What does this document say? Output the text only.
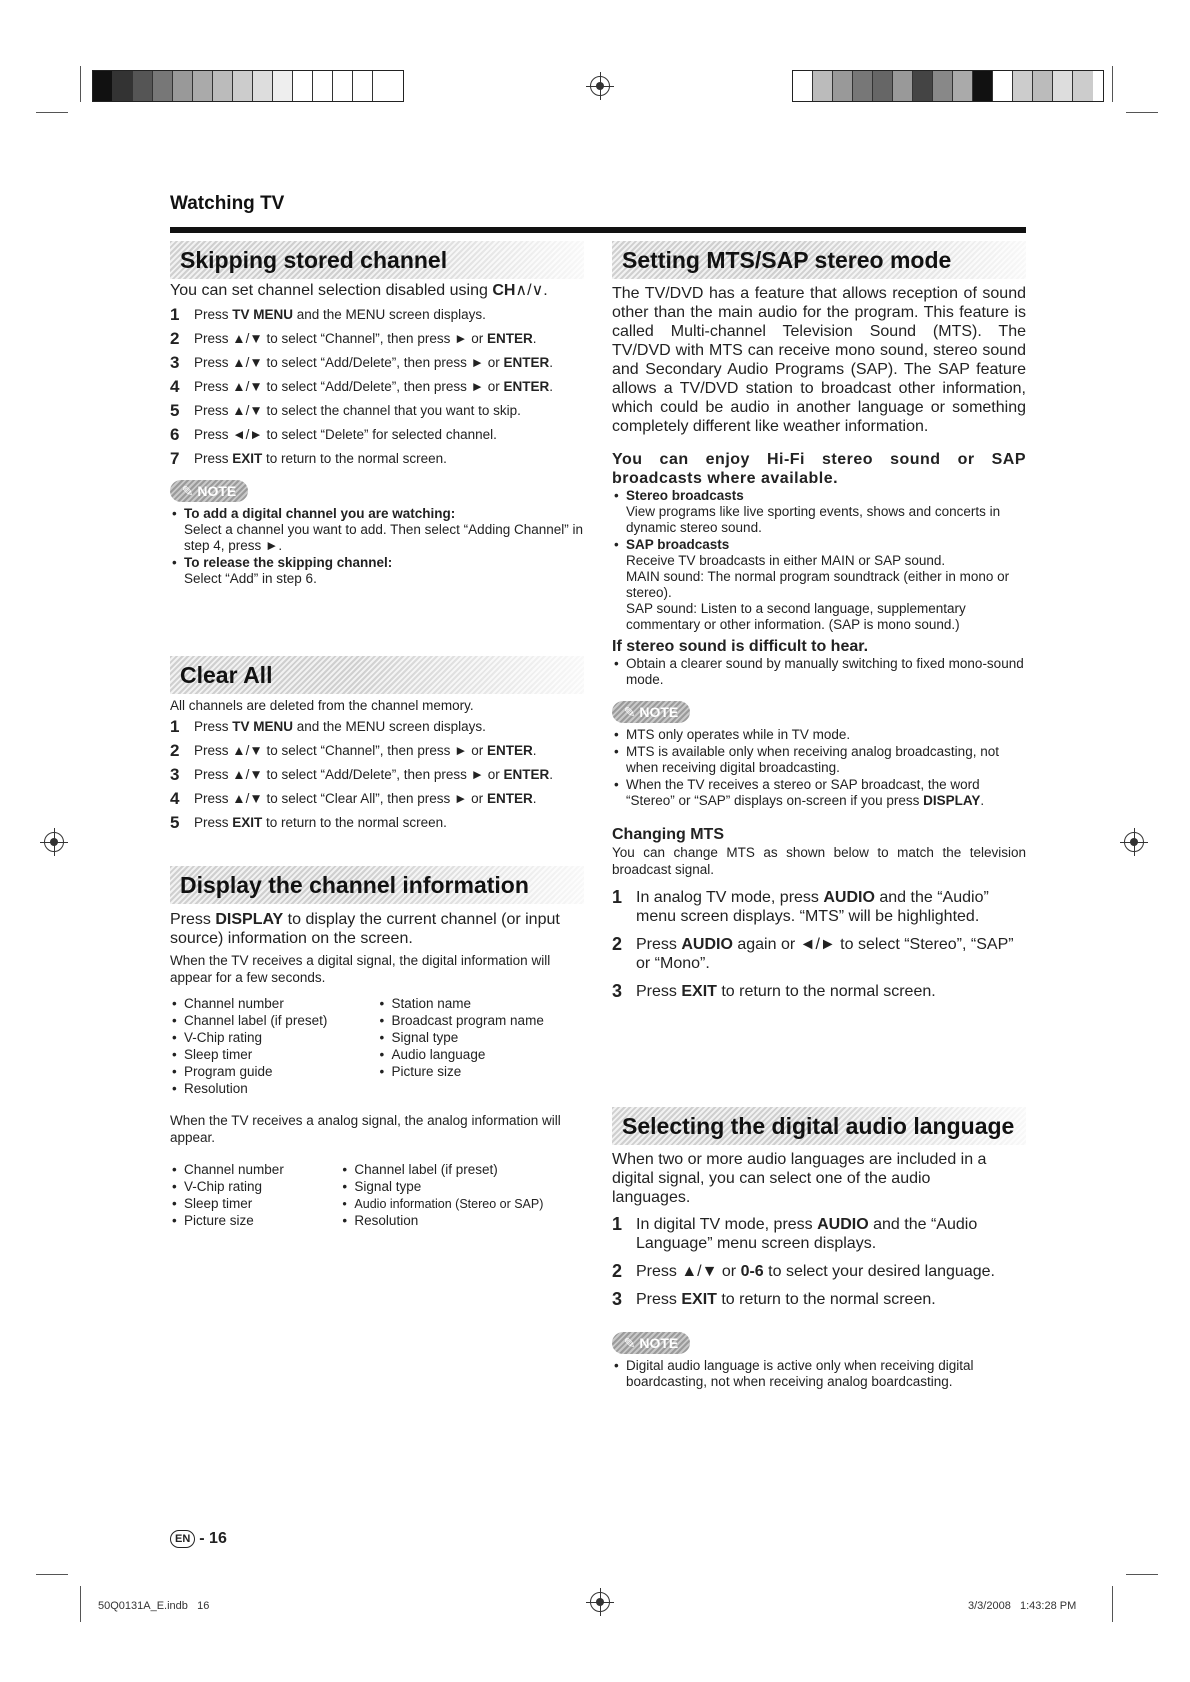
Watching TV
Skipping stored channel

You can set channel selection disabled using CH∧/∨.

1	Press TV MENU and the MENU screen displays.
2	Press ▲/▼ to select “Channel”, then press ► or ENTER.
3	Press ▲/▼ to select “Add/Delete”, then press ► or ENTER.
4	Press ▲/▼ to select “Add/Delete”, then press ► or ENTER.
5	Press ▲/▼ to select the channel that you want to skip.
6	Press ◄/► to select “Delete” for selected channel.
7	Press EXIT to return to the normal screen.
✎ NOTE
• To add a digital channel you are watching:
Select a channel you want to add. Then select “Adding Channel” in step 4, press ►.
• To release the skipping channel:
Select “Add” in step 6.
Clear All

All channels are deleted from the channel memory.

1	Press TV MENU and the MENU screen displays.
2	Press ▲/▼ to select “Channel”, then press ► or ENTER.
3	Press ▲/▼ to select “Add/Delete”, then press ► or ENTER.
4	Press ▲/▼ to select “Clear All”, then press ► or ENTER.
5	Press EXIT to return to the normal screen.
Display the channel information

Press DISPLAY to display the current channel (or input source) information on the screen.

When the TV receives a digital signal, the digital information will appear for a few seconds.

• Channel number
• Channel label (if preset)
• V-Chip rating
• Sleep timer
• Program guide
• Resolution
• Station name
• Broadcast program name
• Signal type
• Audio language
• Picture size

When the TV receives a analog signal, the analog information will appear.

• Channel number
• V-Chip rating
• Sleep timer
• Picture size
• Channel label (if preset)
• Signal type
• Audio information (Stereo or SAP)
• Resolution
Setting MTS/SAP stereo mode

The TV/DVD has a feature that allows reception of sound other than the main audio for the program. This feature is called Multi-channel Television Sound (MTS). The TV/DVD with MTS can receive mono sound, stereo sound and Secondary Audio Programs (SAP). The SAP feature allows a TV/DVD station to broadcast other information, which could be audio in another language or something completely different like weather information.

You can enjoy Hi-Fi stereo sound or SAP broadcasts where available.
• Stereo broadcasts
View programs like live sporting events, shows and concerts in dynamic stereo sound.
• SAP broadcasts
Receive TV broadcasts in either MAIN or SAP sound.
MAIN sound: The normal program soundtrack (either in mono or stereo).
SAP sound: Listen to a second language, supplementary commentary or other information. (SAP is mono sound.)
If stereo sound is difficult to hear.
• Obtain a clearer sound by manually switching to fixed mono-sound mode.
✎ NOTE
• MTS only operates while in TV mode.
• MTS is available only when receiving analog broadcasting, not when receiving digital broadcasting.
• When the TV receives a stereo or SAP broadcast, the word “Stereo” or “SAP” displays on-screen if you press DISPLAY.
Changing MTS

You can change MTS as shown below to match the television broadcast signal.

1 In analog TV mode, press AUDIO and the “Audio” menu screen displays. “MTS” will be highlighted.
2 Press AUDIO again or ◄/► to select “Stereo”, “SAP” or “Mono”.
3 Press EXIT to return to the normal screen.
Selecting the digital audio language

When two or more audio languages are included in a digital signal, you can select one of the audio languages.

1 In digital TV mode, press AUDIO and the “Audio Language” menu screen displays.
2 Press ▲/▼ or 0-6 to select your desired language.
3 Press EXIT to return to the normal screen.
✎ NOTE
• Digital audio language is active only when receiving digital boardcasting, not when receiving analog boardcasting.
EN - 16
50Q0131A_E.indb   16	3/3/2008   1:43:28 PM
